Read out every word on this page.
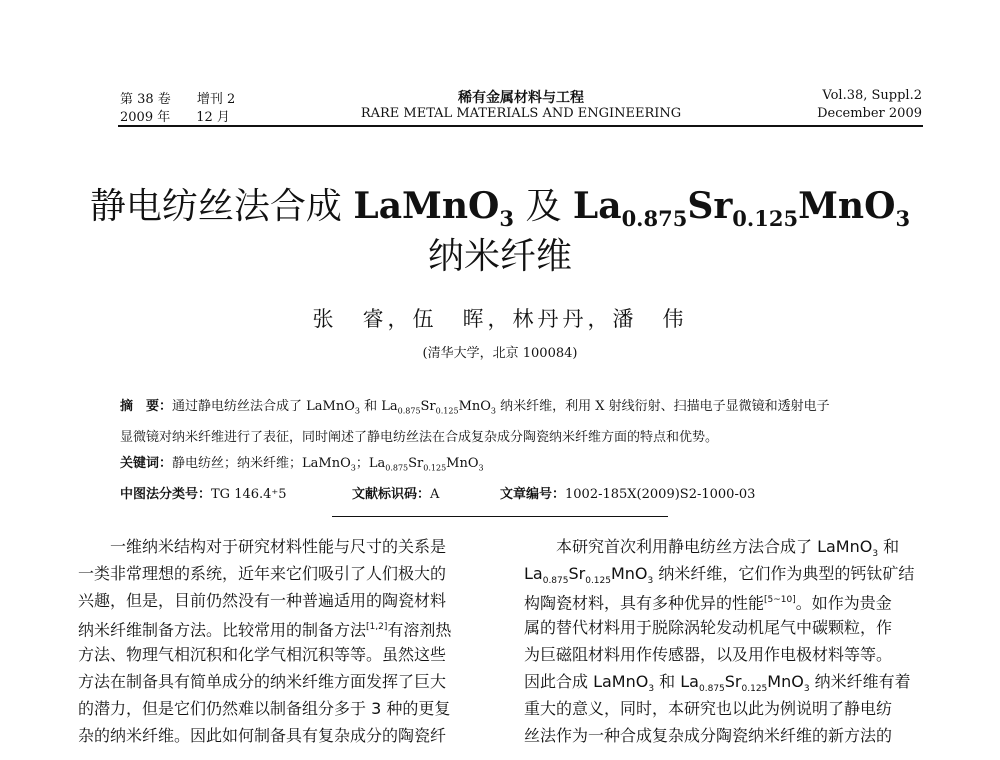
第 38 卷 增刊 2
2009 年 12 月
稀有金属材料与工程
RARE METAL MATERIALS AND ENGINEERING
Vol.38, Suppl.2
December 2009
静电纺丝法合成 LaMnO$_3$ 及 $La_{0.875}Sr_{0.125}MnO_3$
纳米纤维
张　睿，伍　晖，林丹丹，潘　伟
(清华大学，北京 100084)
摘　要：通过静电纺丝法合成了 LaMnO$_3$ 和 $La_{0.875}Sr_{0.125}MnO_3$ 纳米纤维，利用 X 射线衍射、扫描电子显微镜和透射电子
显微镜对纳米纤维进行了表征，同时阐述了静电纺丝法在合成复杂成分陶瓷纳米纤维方面的特点和优势。
关键词：静电纺丝；纳米纤维；LaMnO$_3$；$La_{0.875}Sr_{0.125}MnO_3$
中图法分类号：TG 146.4⁺5	文献标识码：A	文章编号：1002-185X(2009)S2-1000-03
一维纳米结构对于研究材料性能与尺寸的关系是
一类非常理想的系统，近年来它们吸引了人们极大的
兴趣，但是，目前仍然没有一种普遍适用的陶瓷材料
纳米纤维制备方法。比较常用的制备方法[1,2]有溶剂热
方法、物理气相沉积和化学气相沉积等等。虽然这些
方法在制备具有简单成分的纳米纤维方面发挥了巨大
的潜力，但是它们仍然难以制备组分多于 3 种的更复
杂的纳米纤维。因此如何制备具有复杂成分的陶瓷纤
本研究首次利用静电纺丝方法合成了 LaMnO$_3$ 和
$La_{0.875}Sr_{0.125}MnO_3$ 纳米纤维，它们作为典型的钙钛矿结
构陶瓷材料，具有多种优异的性能[5~10]。如作为贵金
属的替代材料用于脱除涡轮发动机尾气中碳颗粒，作
为巨磁阻材料用作传感器，以及用作电极材料等等。
因此合成 LaMnO$_3$ 和 $La_{0.875}Sr_{0.125}MnO_3$ 纳米纤维有着
重大的意义，同时，本研究也以此为例说明了静电纺
丝法作为一种合成复杂成分陶瓷纳米纤维的新方法的
